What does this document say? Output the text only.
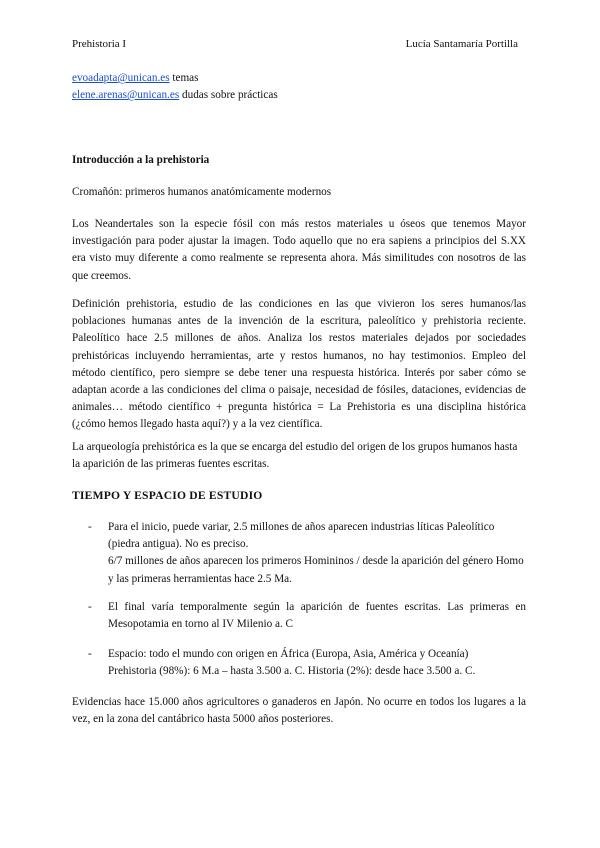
Prehistoria I	Lucía Santamaría Portilla

evoadapta@unican.es temas

elene.arenas@unican.es dudas sobre prácticas

Introducción a la prehistoria
Cromañón: primeros humanos anatómicamente modernos

Los Neandertales son la especie fósil con más restos materiales u óseos que tenemos Mayor investigación para poder ajustar la imagen. Todo aquello que no era sapiens a principios del S.XX era visto muy diferente a como realmente se representa ahora. Más similitudes con nosotros de las que creemos.

Definición prehistoria, estudio de las condiciones en las que vivieron los seres humanos/las poblaciones humanas antes de la invención de la escritura, paleolítico y prehistoria reciente. Paleolítico hace 2.5 millones de años. Analiza los restos materiales dejados por sociedades prehistóricas incluyendo herramientas, arte y restos humanos, no hay testimonios. Empleo del método científico, pero siempre se debe tener una respuesta histórica. Interés por saber cómo se adaptan acorde a las condiciones del clima o paisaje, necesidad de fósiles, dataciones, evidencias de animales… método científico + pregunta histórica = La Prehistoria es una disciplina histórica (¿cómo hemos llegado hasta aquí?) y a la vez científica.

La arqueología prehistórica es la que se encarga del estudio del origen de los grupos humanos hasta la aparición de las primeras fuentes escritas.

TIEMPO Y ESPACIO DE ESTUDIO
- Para el inicio, puede variar, 2.5 millones de años aparecen industrias líticas Paleolítico (piedra antigua). No es preciso.

6/7 millones de años aparecen los primeros Homininos / desde la aparición del género Homo y las primeras herramientas hace 2.5 Ma.

- El final varía temporalmente según la aparición de fuentes escritas. Las primeras en Mesopotamia en torno al IV Milenio a. C

- Espacio: todo el mundo con origen en África (Europa, Asia, América y Oceanía)

Prehistoria (98%): 6 M.a – hasta 3.500 a. C. Historia (2%): desde hace 3.500 a. C.

Evidencias hace 15.000 años agricultores o ganaderos en Japón. No ocurre en todos los lugares a la vez, en la zona del cantábrico hasta 5000 años posteriores.
